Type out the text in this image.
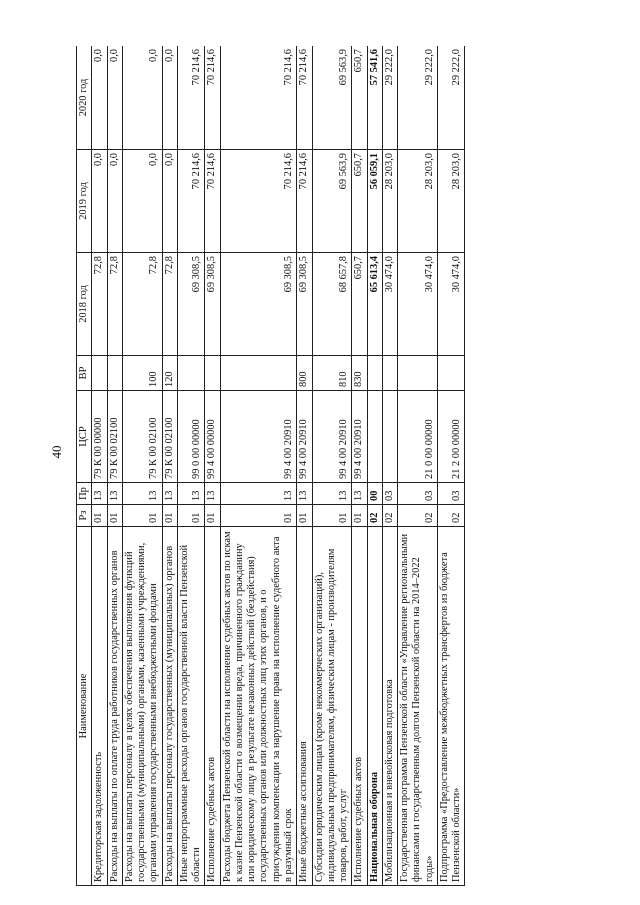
40
Наименование	Рз	Пр	ЦСР	ВР	2018 год	2019 год	2020 год
Кредиторская задолженность	01	13	79 К 00 00000		72,8	0,0	0,0
Расходы на выплаты по оплате труда работников государственных органов	01	13	79 К 00 02100		72,8	0,0	0,0
Расходы на выплаты персоналу в целях обеспечения выполнения функций государственными (муниципальными) органами, казенными учреждениями, органами управления государственными внебюджетными фондами	01	13	79 К 00 02100	100	72,8	0,0	0,0
Расходы на выплаты персоналу государственных (муниципальных) органов	01	13	79 К 00 02100	120	72,8	0,0	0,0
Иные непрограммные расходы органов государственной власти Пензенской области	01	13	99 0 00 00000		69 308,5	70 214,6	70 214,6
Исполнение судебных актов	01	13	99 4 00 00000		69 308,5	70 214,6	70 214,6
Расходы бюджета Пензенской области на исполнение судебных актов по искам к казне Пензенской области о возмещении вреда, причиненного гражданину или юридическому лицу в результате незаконных действий (бездействия) государственных органов или должностных лиц этих органов, и о присуждении компенсации за нарушение права на исполнение судебного акта в разумный срок	01	13	99 4 00 20910		69 308,5	70 214,6	70 214,6
Иные бюджетные ассигнования	01	13	99 4 00 20910	800	69 308,5	70 214,6	70 214,6
Субсидии юридическим лицам (кроме некоммерческих организаций), индивидуальным предпринимателям, физическим лицам - производителям товаров, работ, услуг	01	13	99 4 00 20910	810	68 657,8	69 563,9	69 563,9
Исполнение судебных актов	01	13	99 4 00 20910	830	650,7	650,7	650,7
Национальная оборона	02	00			65 613,4	56 059,1	57 541,6
Мобилизационная и вневойсковая подготовка	02	03			30 474,0	28 203,0	29 222,0
Государственная программа Пензенской области «Управление региональными финансами и государственным долгом Пензенской области на 2014–2022 годы»	02	03	21 0 00 00000		30 474,0	28 203,0	29 222,0
Подпрограмма «Предоставление межбюджетных трансфертов из бюджета Пензенской области»	02	03	21 2 00 00000		30 474,0	28 203,0	29 222,0
